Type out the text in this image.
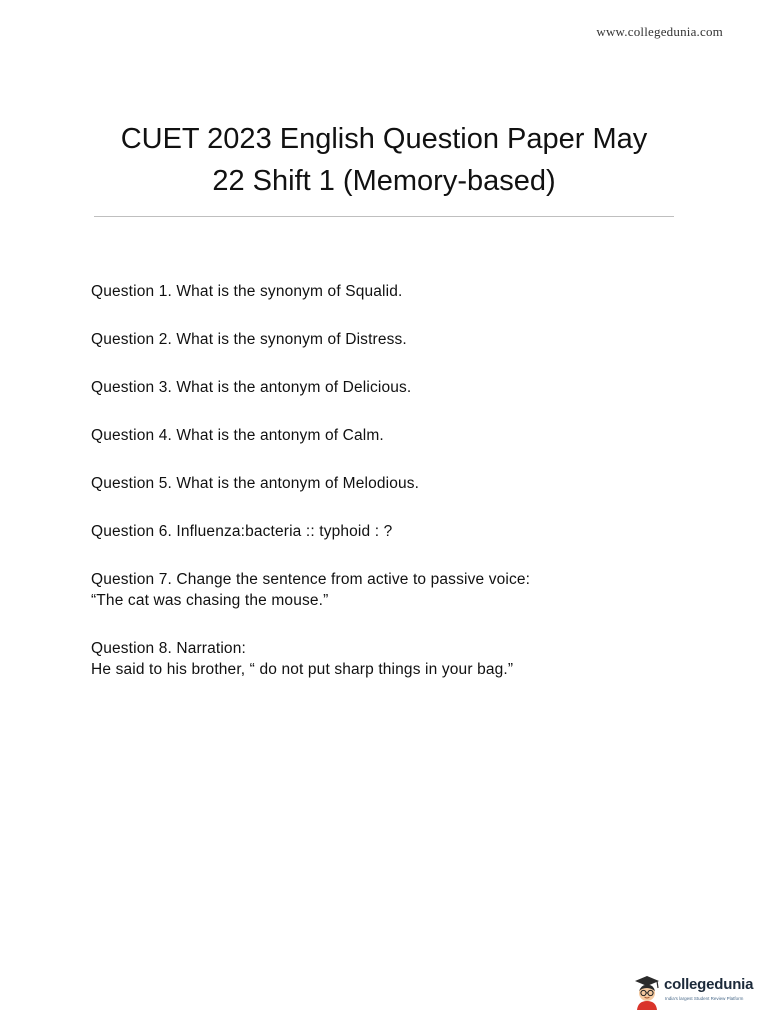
www.collegedunia.com
CUET 2023 English Question Paper May
22 Shift 1 (Memory-based)
Question 1. What is the synonym of Squalid.
Question 2. What is the synonym of Distress.
Question 3. What is the antonym of Delicious.
Question 4. What is the antonym of Calm.
Question 5. What is the antonym of Melodious.
Question 6. Influenza:bacteria :: typhoid : ?
Question 7. Change the sentence from active to passive voice:
“The cat was chasing the mouse.”
Question 8. Narration:
He said to his brother, “ do not put sharp things in your bag.”
collegedunia
India's largest Student Review Platform
